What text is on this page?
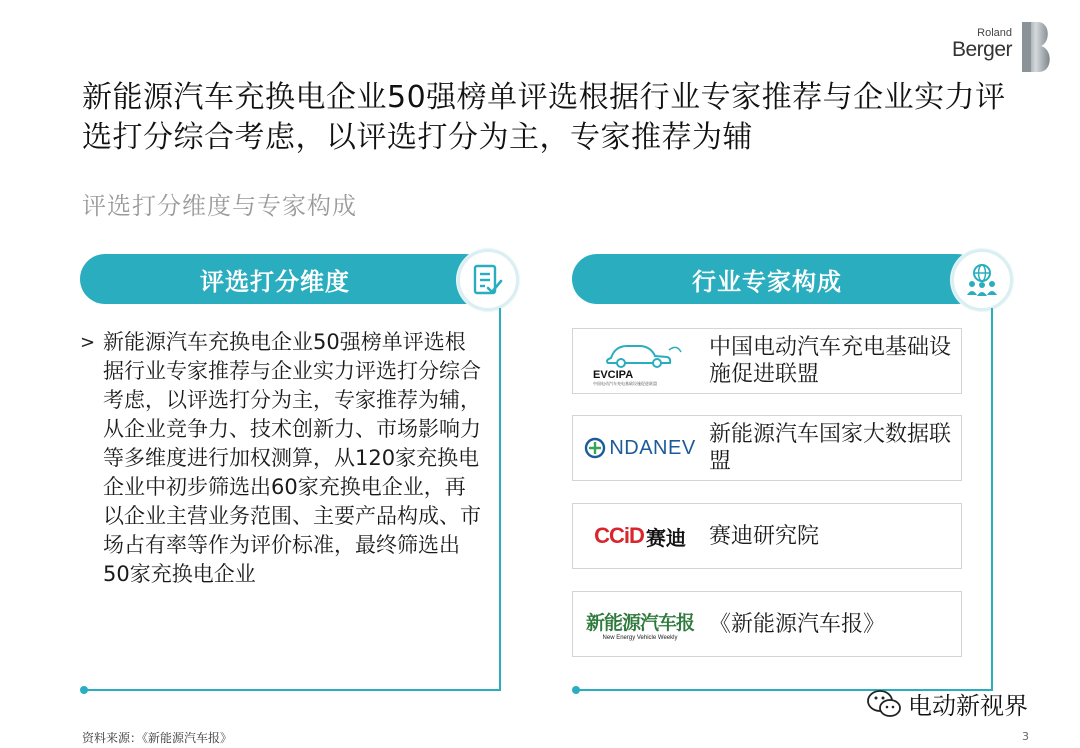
Roland
Berger
新能源汽车充换电企业50强榜单评选根据行业专家推荐与企业实力评选打分综合考虑，以评选打分为主，专家推荐为辅
评选打分维度与专家构成
评选打分维度
> 新能源汽车充换电企业50强榜单评选根据行业专家推荐与企业实力评选打分综合考虑，以评选打分为主，专家推荐为辅，从企业竞争力、技术创新力、市场影响力等多维度进行加权测算，从120家充换电企业中初步筛选出60家充换电企业，再以企业主营业务范围、主要产品构成、市场占有率等作为评价标准，最终筛选出50家充换电企业
行业专家构成
EVCIPA
中国电动汽车充电基础设施促进联盟
中国电动汽车充电基础设施促进联盟
NDANEV
新能源汽车国家大数据联盟
CCiD 赛迪 赛迪研究院
新能源汽车报
New Energy Vehicle Weekly
《新能源汽车报》
电动新视界
资料来源：《新能源汽车报》	3
